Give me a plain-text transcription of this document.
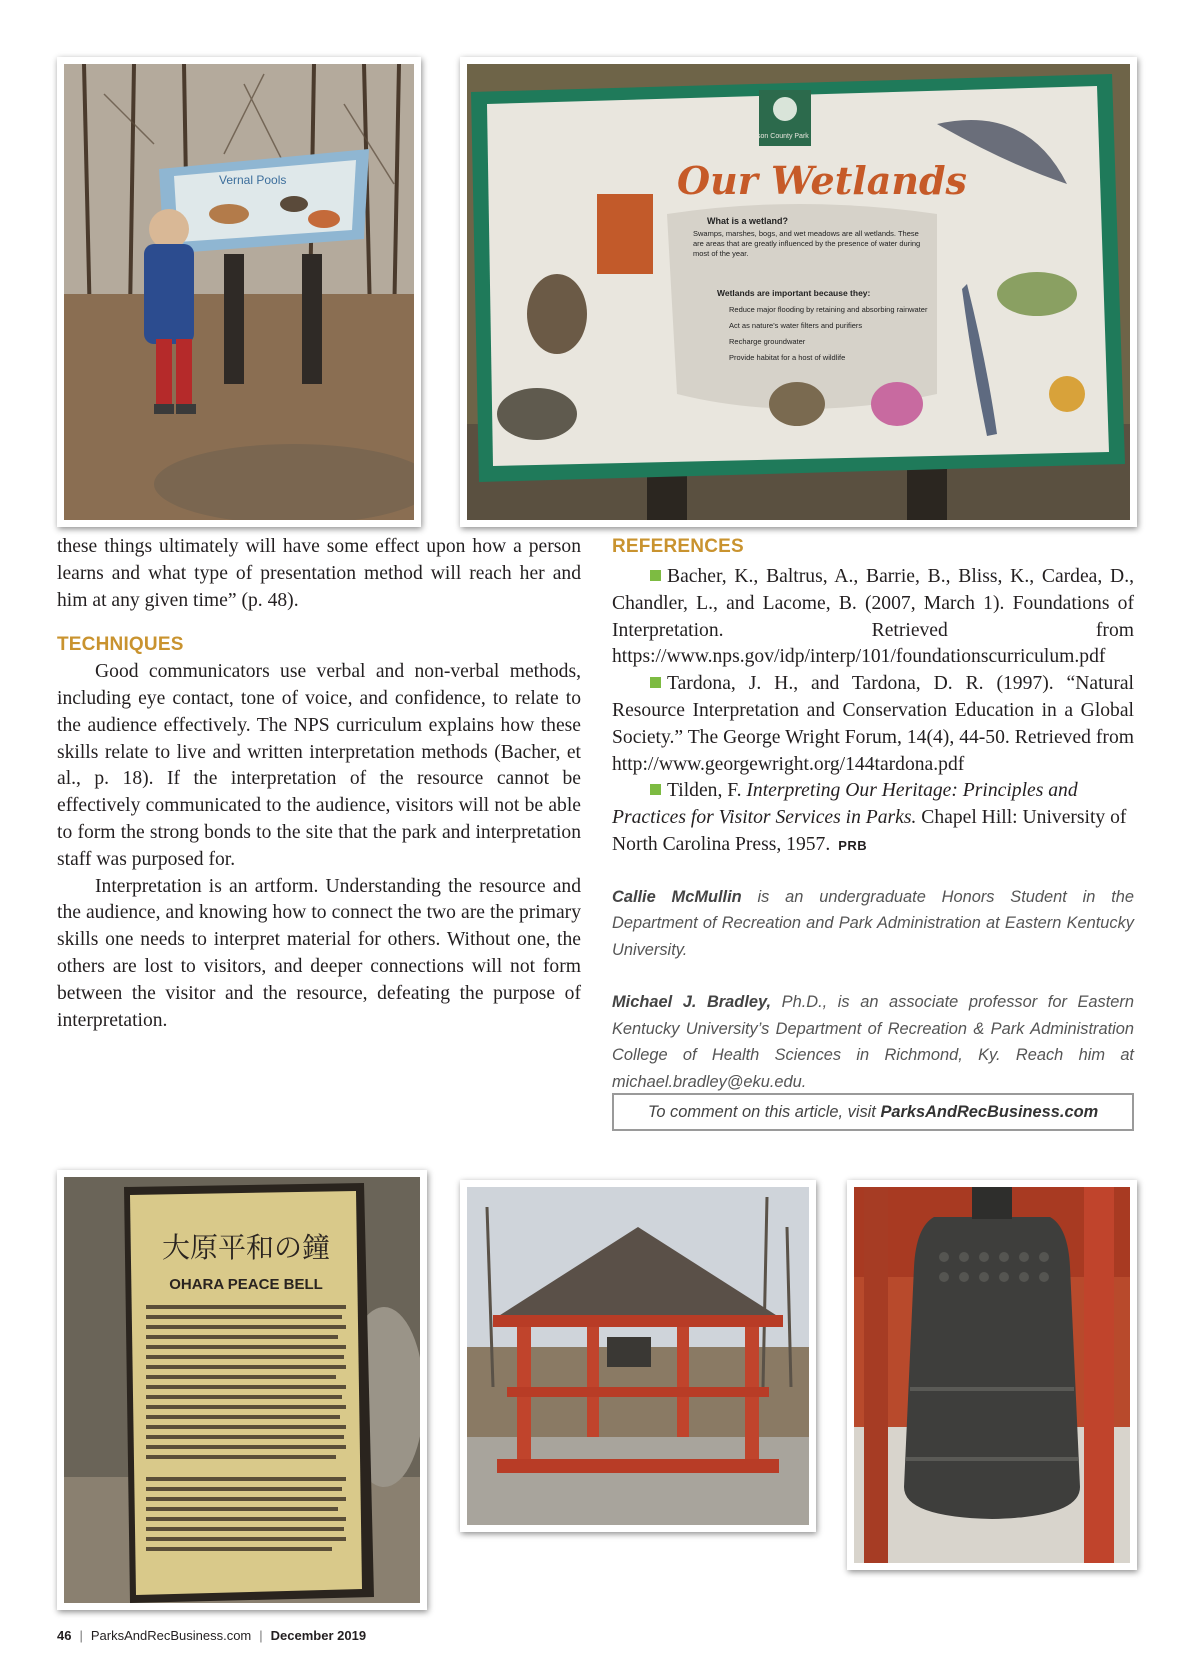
Vernal Pools
Madison County Park District
Our Wetlands
What is a wetland?
Swamps, marshes, bogs, and wet meadows are all wetlands. These are areas that are greatly influenced by the presence of water during most of the year.
Wetlands are important because they:
Reduce major flooding by retaining and absorbing rainwater
Act as nature's water filters and purifiers
Recharge groundwater
Provide habitat for a host of wildlife

these things ultimately will have some effect upon how a person learns and what type of presentation method will reach her and him at any given time” (p. 48).

TECHNIQUES

Good communicators use verbal and non-verbal methods, including eye contact, tone of voice, and confidence, to relate to the audience effectively. The NPS curriculum explains how these skills relate to live and written interpretation methods (Bacher, et al., p. 18). If the interpretation of the resource cannot be effectively communicated to the audience, visitors will not be able to form the strong bonds to the site that the park and interpretation staff was purposed for.

Interpretation is an artform. Understanding the resource and the audience, and knowing how to connect the two are the primary skills one needs to interpret material for others. Without one, the others are lost to visitors, and deeper connections will not form between the visitor and the resource, defeating the purpose of interpretation.

REFERENCES

Bacher, K., Baltrus, A., Barrie, B., Bliss, K., Cardea, D., Chandler, L., and Lacome, B. (2007, March 1). Foundations of Interpretation. Retrieved from https://www.nps.gov/idp/interp/101/foundationscurriculum.pdf

Tardona, J. H., and Tardona, D. R. (1997). “Natural Resource Interpretation and Conservation Education in a Global Society.” The George Wright Forum, 14(4), 44-50. Retrieved from http://www.georgewright.org/144tardona.pdf

Tilden, F. Interpreting Our Heritage: Principles and Practices for Visitor Services in Parks. Chapel Hill: University of North Carolina Press, 1957. PRB

Callie McMullin is an undergraduate Honors Student in the Department of Recreation and Park Administration at Eastern Kentucky University.

Michael J. Bradley, Ph.D., is an associate professor for Eastern Kentucky University’s Department of Recreation & Park Administration College of Health Sciences in Richmond, Ky. Reach him at michael.bradley@eku.edu.

To comment on this article, visit ParksAndRecBusiness.com
大原平和の鐘
OHARA PEACE BELL
46 | ParksAndRecBusiness.com | December 2019
